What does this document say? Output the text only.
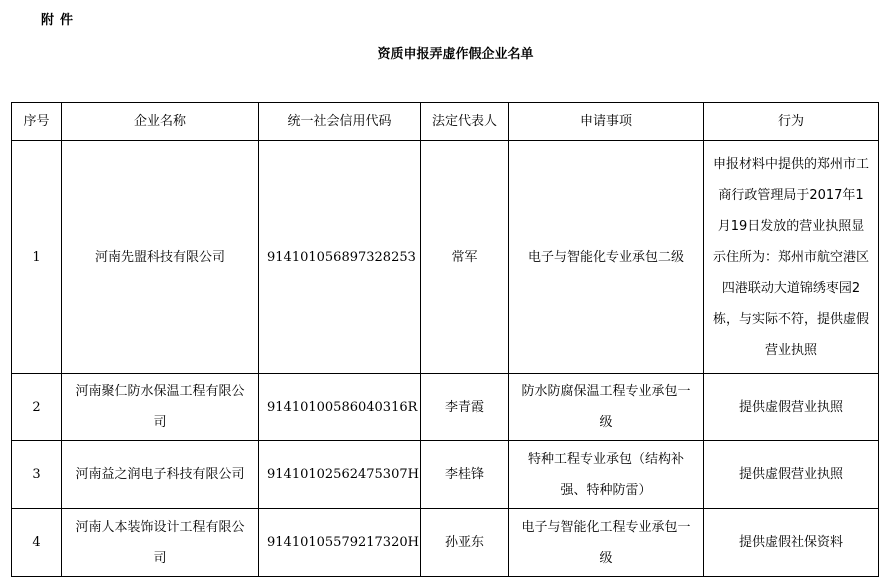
附件
资质申报弄虚作假企业名单
序号	企业名称	统一社会信用代码	法定代表人	申请事项	行为
1	河南先盟科技有限公司	91410105689732825З	常军	电子与智能化专业承包二级	申报材料中提供的郑州市工商行政管理局于2017年1月19日发放的营业执照显示住所为：郑州市航空港区四港联动大道锦绣枣园2栋，与实际不符，提供虚假营业执照
2	河南聚仁防水保温工程有限公司	91410100586040316R	李青霞	防水防腐保温工程专业承包一级	提供虚假营业执照
3	河南益之润电子科技有限公司	91410102562475307H	李桂锋	特种工程专业承包（结构补强、特种防雷）	提供虚假营业执照
4	河南人本装饰设计工程有限公司	91410105579217320H	孙亚东	电子与智能化工程专业承包一级	提供虚假社保资料
